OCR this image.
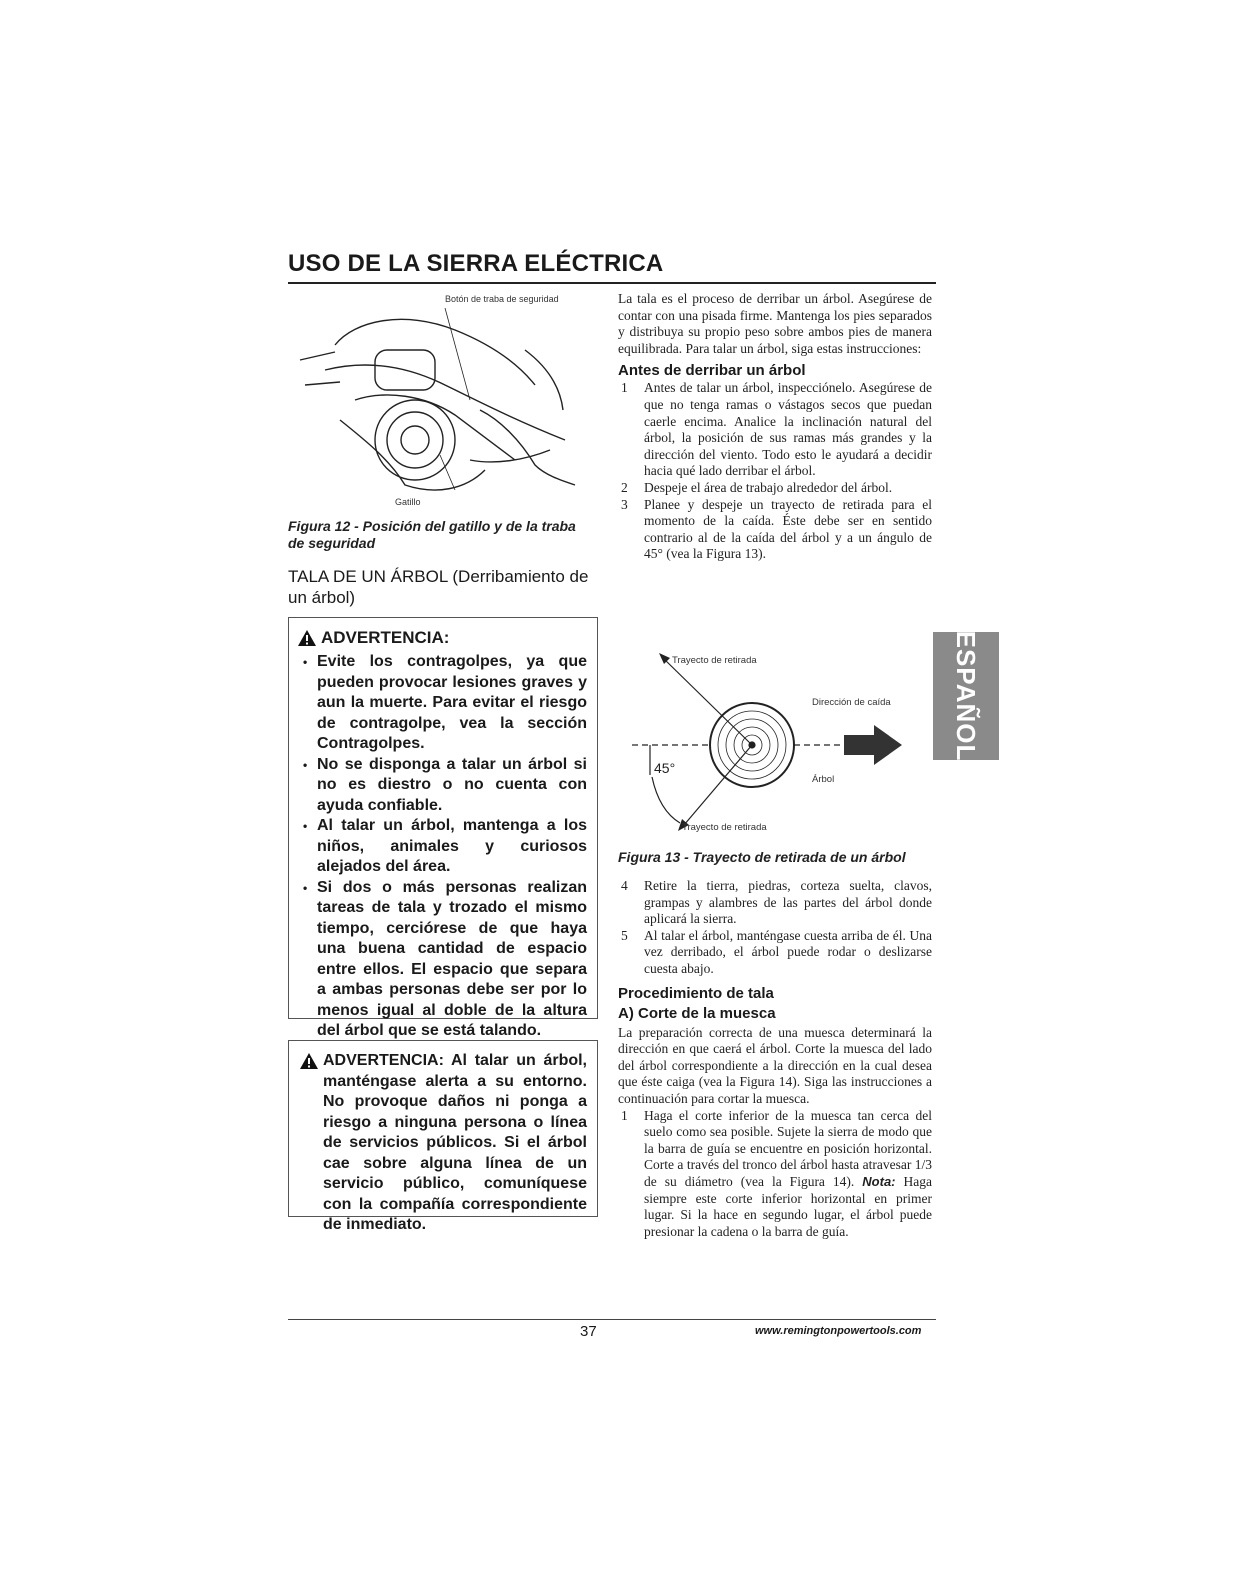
USO DE LA SIERRA ELÉCTRICA
Botón de traba de seguridad
Gatillo
Figura 12 - Posición del gatillo y de la traba de seguridad
TALA DE UN ÁRBOL (Derribamiento de un árbol)
ADVERTENCIA:
• Evite los contragolpes, ya que pueden provocar lesiones graves y aun la muerte. Para evitar el riesgo de contragolpe, vea la sección Contragolpes.
• No se disponga a talar un árbol si no es diestro o no cuenta con ayuda confiable.
• Al talar un árbol, mantenga a los niños, animales y curiosos alejados del área.
• Si dos o más personas realizan tareas de tala y trozado el mismo tiempo, cerciórese de que haya una buena cantidad de espacio entre ellos. El espacio que separa a ambas personas debe ser por lo menos igual al doble de la altura del árbol que se está talando.
ADVERTENCIA: Al talar un árbol, manténgase alerta a su entorno. No provoque daños ni ponga a riesgo a ninguna persona o línea de servicios públicos. Si el árbol cae sobre alguna línea de un servicio público, comuníquese con la compañía correspondiente de inmediato.
La tala es el proceso de derribar un árbol. Asegúrese de contar con una pisada firme. Mantenga los pies separados y distribuya su propio peso sobre ambos pies de manera equilibrada. Para talar un árbol, siga estas instrucciones:
Antes de derribar un árbol
1 Antes de talar un árbol, inspecciónelo. Asegúrese de que no tenga ramas o vástagos secos que puedan caerle encima. Analice la inclinación natural del árbol, la posición de sus ramas más grandes y la dirección del viento. Todo esto le ayudará a decidir hacia qué lado derribar el árbol.
2 Despeje el área de trabajo alrededor del árbol.
3 Planee y despeje un trayecto de retirada para el momento de la caída. Éste debe ser en sentido contrario al de la caída del árbol y a un ángulo de 45° (vea la Figura 13).
Trayecto de retirada
Dirección de caída
45°
Árbol
Trayecto de retirada
Figura 13 - Trayecto de retirada de un árbol
4 Retire la tierra, piedras, corteza suelta, clavos, grampas y alambres de las partes del árbol donde aplicará la sierra.
5 Al talar el árbol, manténgase cuesta arriba de él. Una vez derribado, el árbol puede rodar o deslizarse cuesta abajo.
Procedimiento de tala
A) Corte de la muesca
La preparación correcta de una muesca determinará la dirección en que caerá el árbol. Corte la muesca del lado del árbol correspondiente a la dirección en la cual desea que éste caiga (vea la Figura 14). Siga las instrucciones a continuación para cortar la muesca.
1 Haga el corte inferior de la muesca tan cerca del suelo como sea posible. Sujete la sierra de modo que la barra de guía se encuentre en posición horizontal. Corte a través del tronco del árbol hasta atravesar 1/3 de su diámetro (vea la Figura 14). Nota: Haga siempre este corte inferior horizontal en primer lugar. Si la hace en segundo lugar, el árbol puede presionar la cadena o la barra de guía.
ESPAÑOL
37	www.remingtonpowertools.com
